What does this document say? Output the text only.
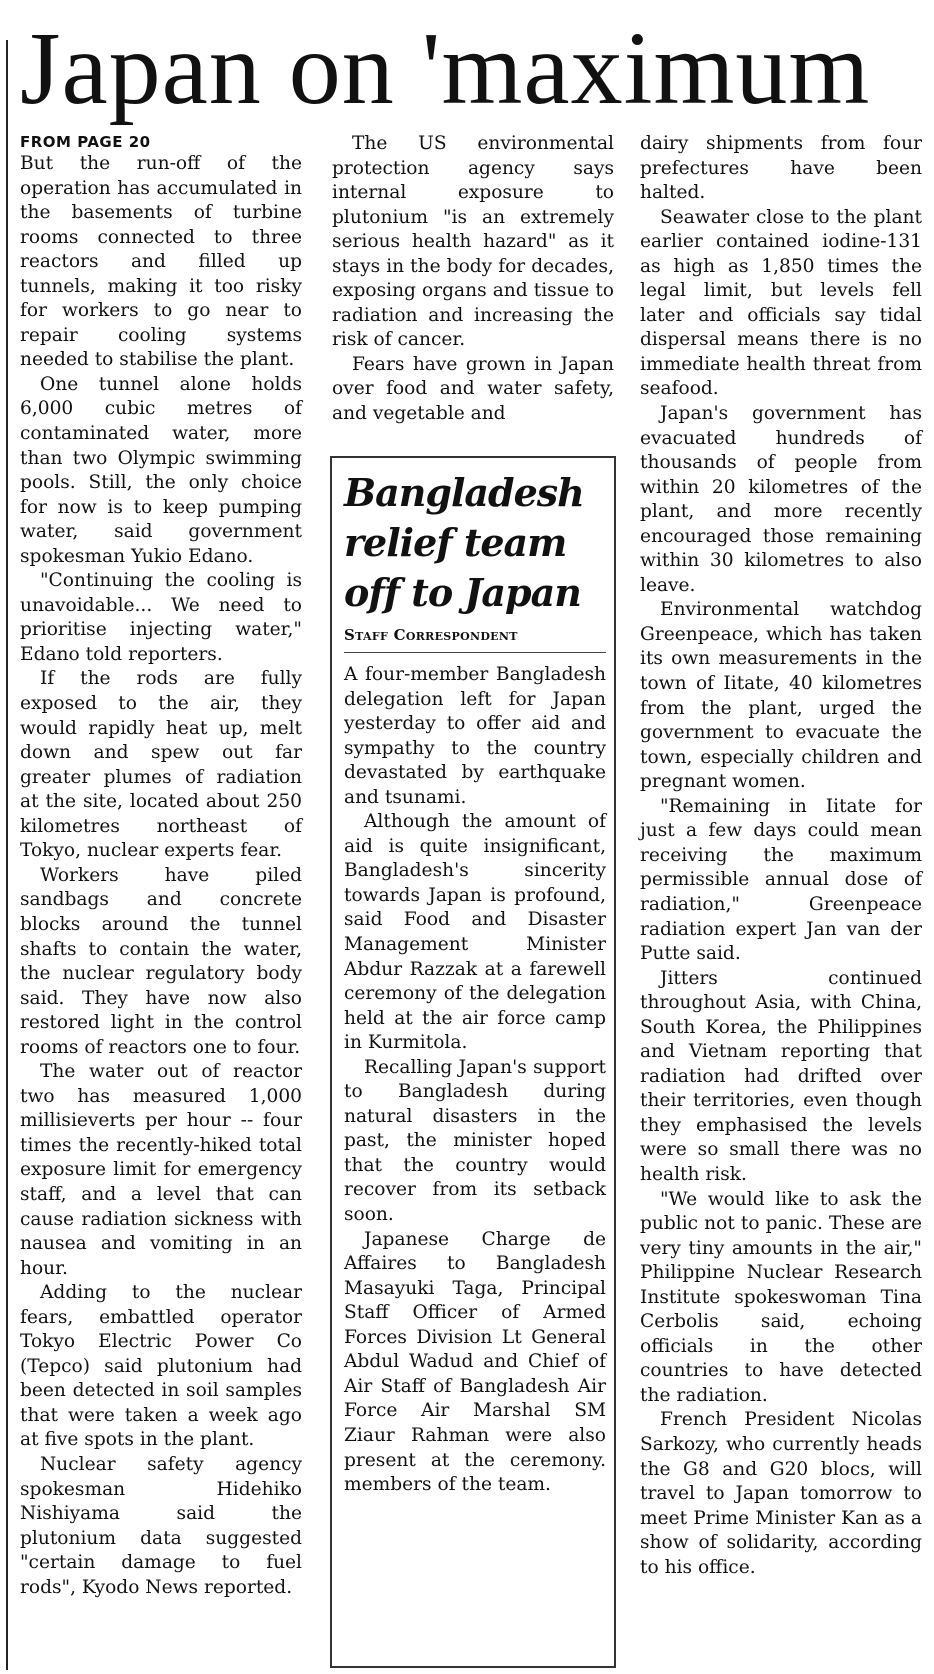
Japan on 'maximum

FROM PAGE 20

But the run-off of the operation has accumulated in the basements of turbine rooms connected to three reactors and filled up tunnels, making it too risky for workers to go near to repair cooling systems needed to stabilise the plant.

One tunnel alone holds 6,000 cubic metres of contaminated water, more than two Olympic swimming pools. Still, the only choice for now is to keep pumping water, said government spokesman Yukio Edano.

"Continuing the cooling is unavoidable... We need to prioritise injecting water," Edano told reporters.

If the rods are fully exposed to the air, they would rapidly heat up, melt down and spew out far greater plumes of radiation at the site, located about 250 kilometres northeast of Tokyo, nuclear experts fear.

Workers have piled sandbags and concrete blocks around the tunnel shafts to contain the water, the nuclear regulatory body said. They have now also restored light in the control rooms of reactors one to four.

The water out of reactor two has measured 1,000 millisieverts per hour -- four times the recently-hiked total exposure limit for emergency staff, and a level that can cause radiation sickness with nausea and vomiting in an hour.

Adding to the nuclear fears, embattled operator Tokyo Electric Power Co (Tepco) said plutonium had been detected in soil samples that were taken a week ago at five spots in the plant.

Nuclear safety agency spokesman Hidehiko Nishiyama said the plutonium data suggested "certain damage to fuel rods", Kyodo News reported.

The US environmental protection agency says internal exposure to plutonium "is an extremely serious health hazard" as it stays in the body for decades, exposing organs and tissue to radiation and increasing the risk of cancer.

Fears have grown in Japan over food and water safety, and vegetable and

Bangladesh relief team off to Japan
Staff Correspondent

A four-member Bangladesh delegation left for Japan yesterday to offer aid and sympathy to the country devastated by earthquake and tsunami.

Although the amount of aid is quite insignificant, Bangladesh's sincerity towards Japan is profound, said Food and Disaster Management Minister Abdur Razzak at a farewell ceremony of the delegation held at the air force camp in Kurmitola.

Recalling Japan's support to Bangladesh during natural disasters in the past, the minister hoped that the country would recover from its setback soon.

Japanese Charge de Affaires to Bangladesh Masayuki Taga, Principal Staff Officer of Armed Forces Division Lt General Abdul Wadud and Chief of Air Staff of Bangladesh Air Force Air Marshal SM Ziaur Rahman were also present at the ceremony. members of the team.

dairy shipments from four prefectures have been halted.

Seawater close to the plant earlier contained iodine-131 as high as 1,850 times the legal limit, but levels fell later and officials say tidal dispersal means there is no immediate health threat from seafood.

Japan's government has evacuated hundreds of thousands of people from within 20 kilometres of the plant, and more recently encouraged those remaining within 30 kilometres to also leave.

Environmental watchdog Greenpeace, which has taken its own measurements in the town of Iitate, 40 kilometres from the plant, urged the government to evacuate the town, especially children and pregnant women.

"Remaining in Iitate for just a few days could mean receiving the maximum permissible annual dose of radiation," Greenpeace radiation expert Jan van der Putte said.

Jitters continued throughout Asia, with China, South Korea, the Philippines and Vietnam reporting that radiation had drifted over their territories, even though they emphasised the levels were so small there was no health risk.

"We would like to ask the public not to panic. These are very tiny amounts in the air," Philippine Nuclear Research Institute spokeswoman Tina Cerbolis said, echoing officials in the other countries to have detected the radiation.

French President Nicolas Sarkozy, who currently heads the G8 and G20 blocs, will travel to Japan tomorrow to meet Prime Minister Kan as a show of solidarity, according to his office.
